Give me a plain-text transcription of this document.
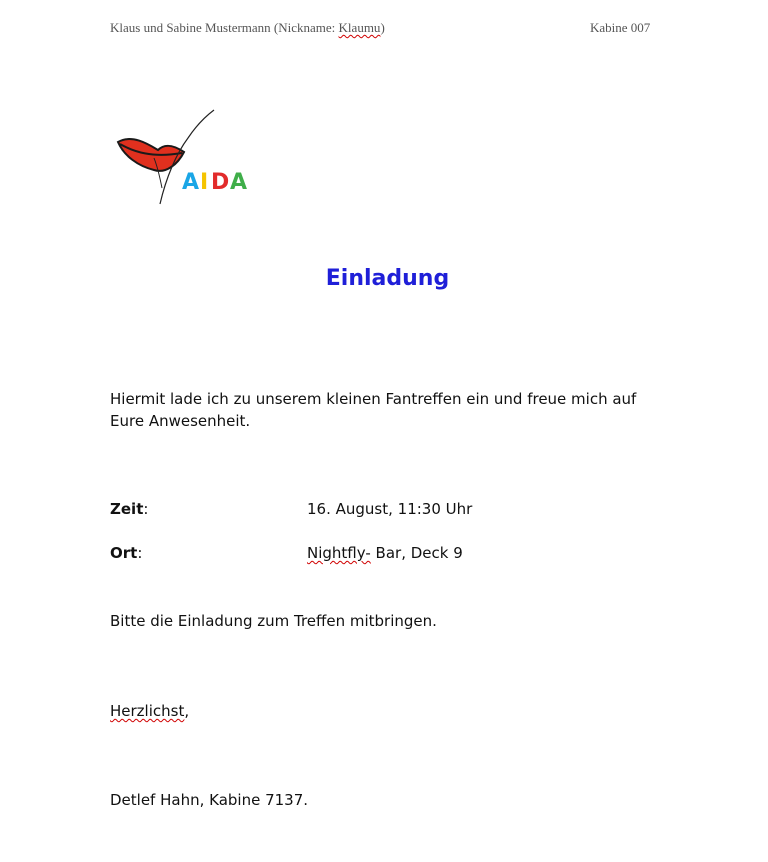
Klaus und Sabine Mustermann (Nickname: Klaumu)	Kabine 007
A I D A
Einladung
Hiermit lade ich zu unserem kleinen Fantreffen ein und freue mich auf
Eure Anwesenheit.
Zeit:	16. August, 11:30 Uhr
Ort:	Nightfly- Bar, Deck 9
Bitte die Einladung zum Treffen mitbringen.
Herzlichst,
Detlef Hahn, Kabine 7137.
